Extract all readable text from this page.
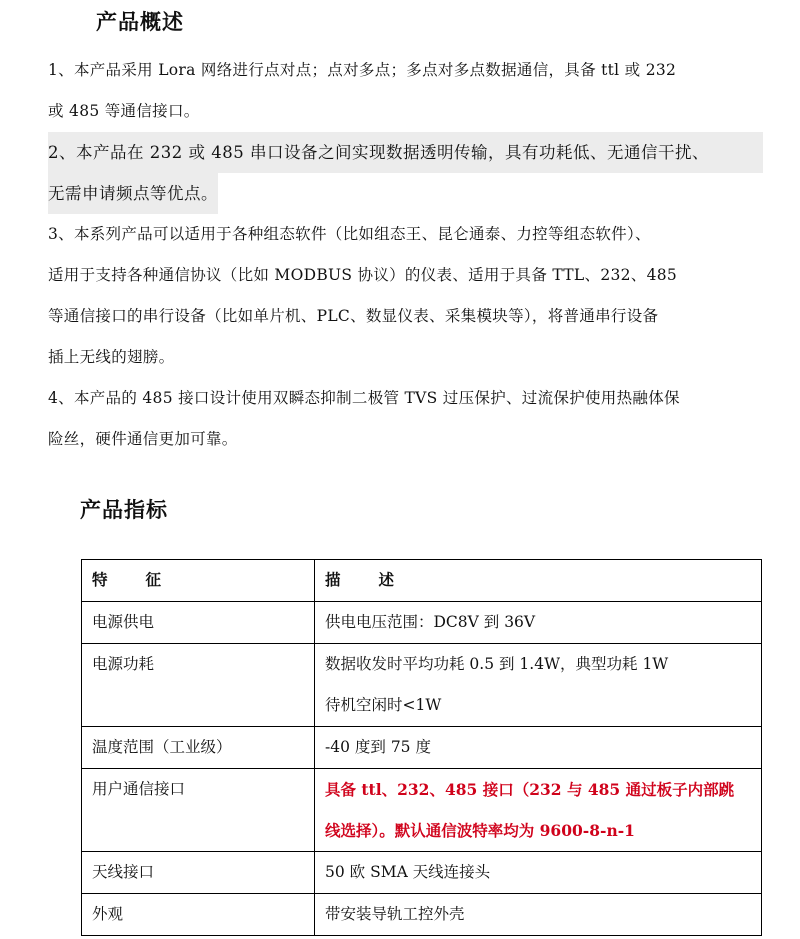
产品概述
1、本产品采用 Lora 网络进行点对点；点对多点；多点对多点数据通信，具备 ttl 或 232
或 485 等通信接口。
2、本产品在 232 或 485 串口设备之间实现数据透明传输，具有功耗低、无通信干扰、
无需申请频点等优点。
3、本系列产品可以适用于各种组态软件（比如组态王、昆仑通泰、力控等组态软件）、
适用于支持各种通信协议（比如 MODBUS 协议）的仪表、适用于具备 TTL、232、485
等通信接口的串行设备（比如单片机、PLC、数显仪表、采集模块等），将普通串行设备
插上无线的翅膀。
4、本产品的 485 接口设计使用双瞬态抑制二极管 TVS 过压保护、过流保护使用热融体保
险丝，硬件通信更加可靠。
产品指标
特征	描述
电源供电	供电电压范围：DC8V 到 36V

电源功耗	数据收发时平均功耗 0.5 到 1.4W，典型功耗 1W
待机空闲时<1W

温度范围（工业级）	-40 度到 75 度

用户通信接口	具备 ttl、232、485 接口（232 与 485 通过板子内部跳
线选择）。默认通信波特率均为 9600-8-n-1

天线接口	50 欧 SMA 天线连接头

外观	带安装导轨工控外壳
